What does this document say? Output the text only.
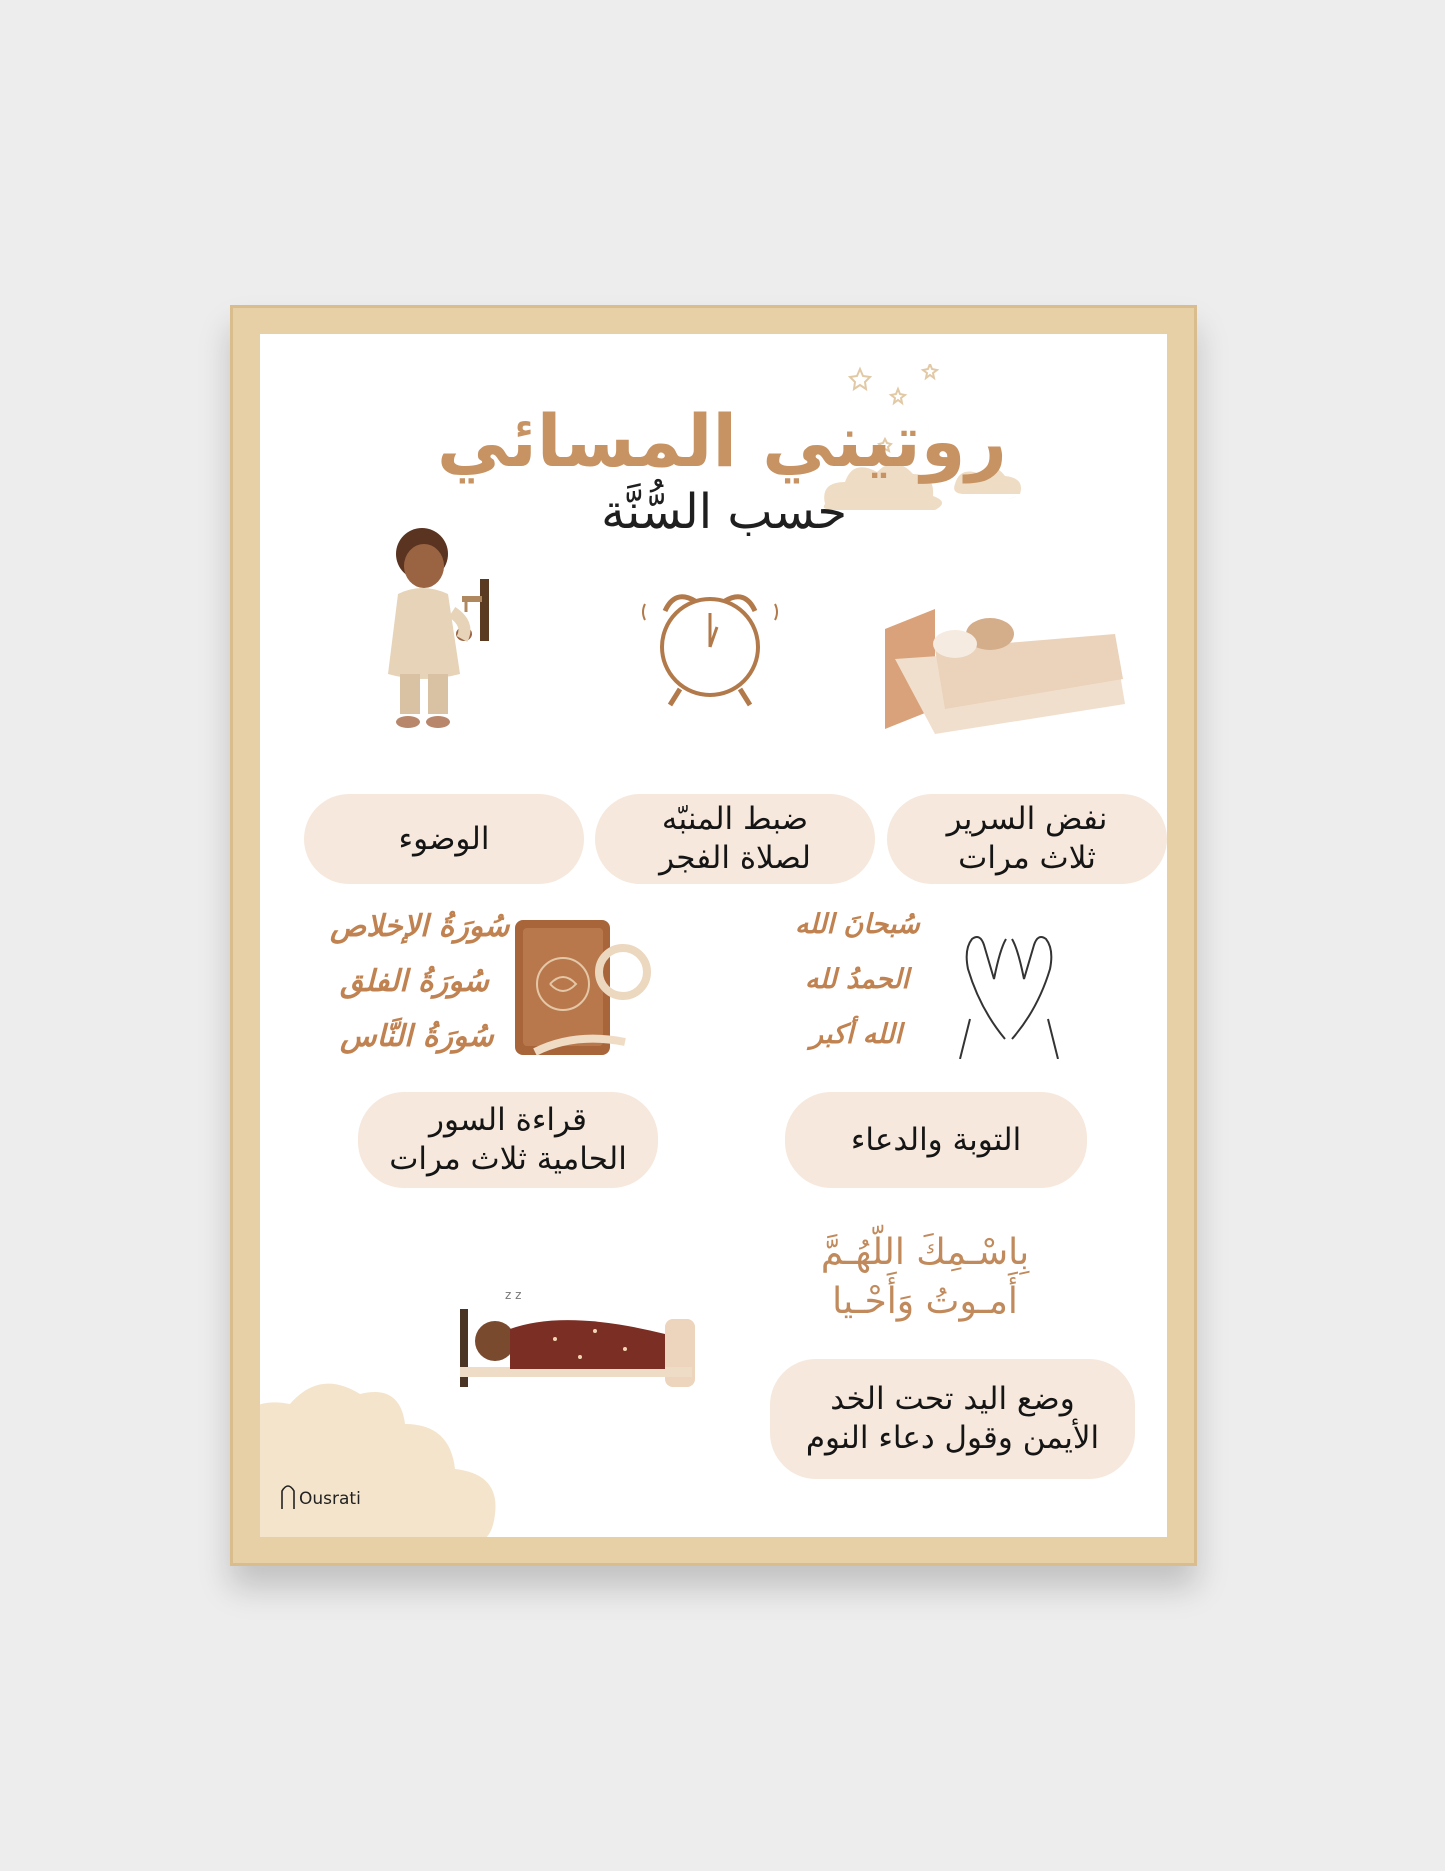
روتيني المسائي
حسب السُّنَّة
الوضوء
ضبط المنبّه
لصلاة الفجر
نفض السرير
ثلاث مرات
سُورَةُ الإخلاص
سُورَةُ الفلق
سُورَةُ النَّاس
سُبحانَ الله
الحمدُ لله
الله أكبر
قراءة السور
الحامية ثلاث مرات
التوبة والدعاء
بِاسْـمِكَ اللّهُـمَّ
أَمـوتُ وَأَحْـيا
z z
وضع اليد تحت الخد
الأيمن وقول دعاء النوم
Ousrati
